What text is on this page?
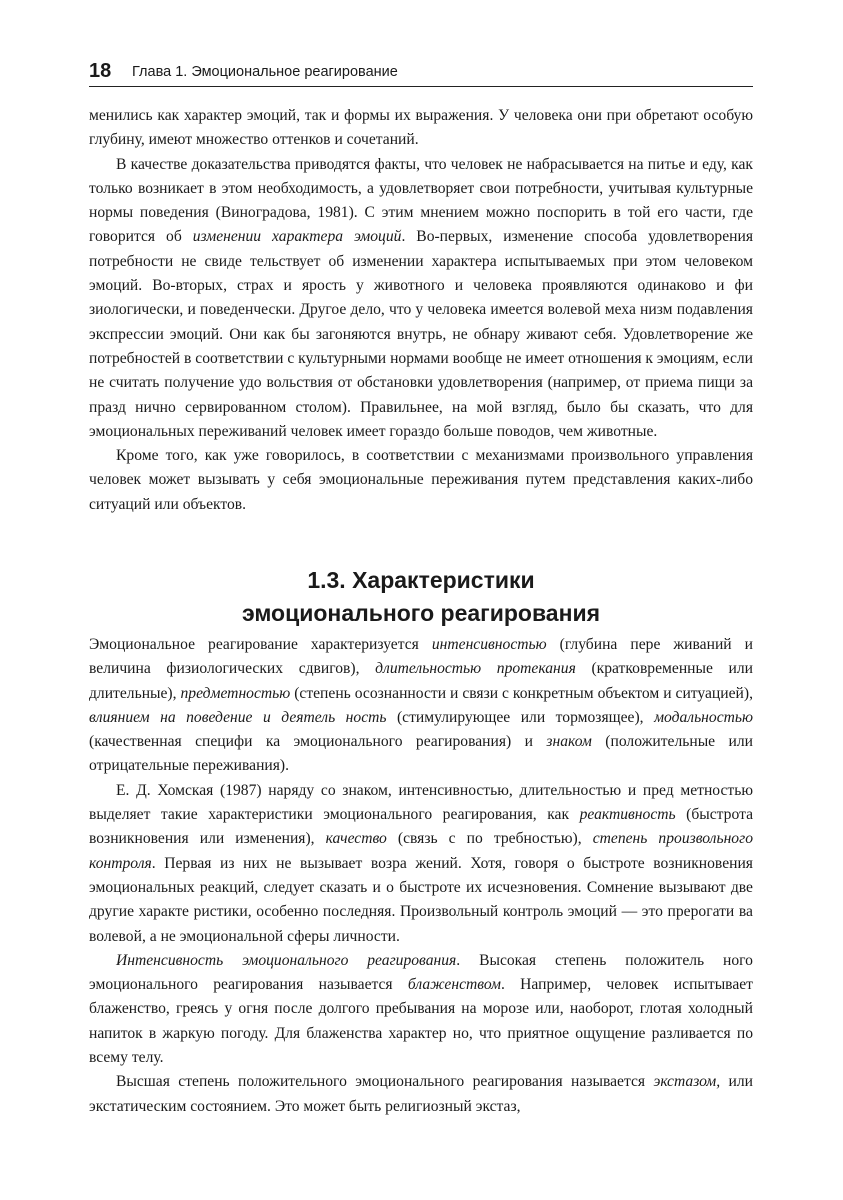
18 Глава 1. Эмоциональное реагирование

менились как характер эмоций, так и формы их выражения. У человека они при обретают особую глубину, имеют множество оттенков и сочетаний.

В качестве доказательства приводятся факты, что человек не набрасывается на питье и еду, как только возникает в этом необходимость, а удовлетворяет свои потребности, учитывая культурные нормы поведения (Виноградова, 1981). С этим мнением можно поспорить в той его части, где говорится об изменении характера эмоций. Во-первых, изменение способа удовлетворения потребности не свиде тельствует об изменении характера испытываемых при этом человеком эмоций. Во-вторых, страх и ярость у животного и человека проявляются одинаково и фи зиологически, и поведенчески. Другое дело, что у человека имеется волевой меха низм подавления экспрессии эмоций. Они как бы загоняются внутрь, не обнару живают себя. Удовлетворение же потребностей в соответствии с культурными нормами вообще не имеет отношения к эмоциям, если не считать получение удо вольствия от обстановки удовлетворения (например, от приема пищи за празд нично сервированном столом). Правильнее, на мой взгляд, было бы сказать, что для эмоциональных переживаний человек имеет гораздо больше поводов, чем животные.

Кроме того, как уже говорилось, в соответствии с механизмами произвольного управления человек может вызывать у себя эмоциональные переживания путем представления каких-либо ситуаций или объектов.

1.3. Характеристики
эмоционального реагирования

Эмоциональное реагирование характеризуется интенсивностью (глубина пере живаний и величина физиологических сдвигов), длительностью протекания (кратковременные или длительные), предметностью (степень осознанности и связи с конкретным объектом и ситуацией), влиянием на поведение и деятель ность (стимулирующее или тормозящее), модальностью (качественная специфи ка эмоционального реагирования) и знаком (положительные или отрицательные переживания).

Е. Д. Хомская (1987) наряду со знаком, интенсивностью, длительностью и пред метностью выделяет такие характеристики эмоционального реагирования, как реактивность (быстрота возникновения или изменения), качество (связь с по требностью), степень произвольного контроля. Первая из них не вызывает возра жений. Хотя, говоря о быстроте возникновения эмоциональных реакций, следует сказать и о быстроте их исчезновения. Сомнение вызывают две другие характе ристики, особенно последняя. Произвольный контроль эмоций — это прерогати ва волевой, а не эмоциональной сферы личности.

Интенсивность эмоционального реагирования. Высокая степень положитель ного эмоционального реагирования называется блаженством. Например, человек испытывает блаженство, греясь у огня после долгого пребывания на морозе или, наоборот, глотая холодный напиток в жаркую погоду. Для блаженства характер но, что приятное ощущение разливается по всему телу.

Высшая степень положительного эмоционального реагирования называется экстазом, или экстатическим состоянием. Это может быть религиозный экстаз,
